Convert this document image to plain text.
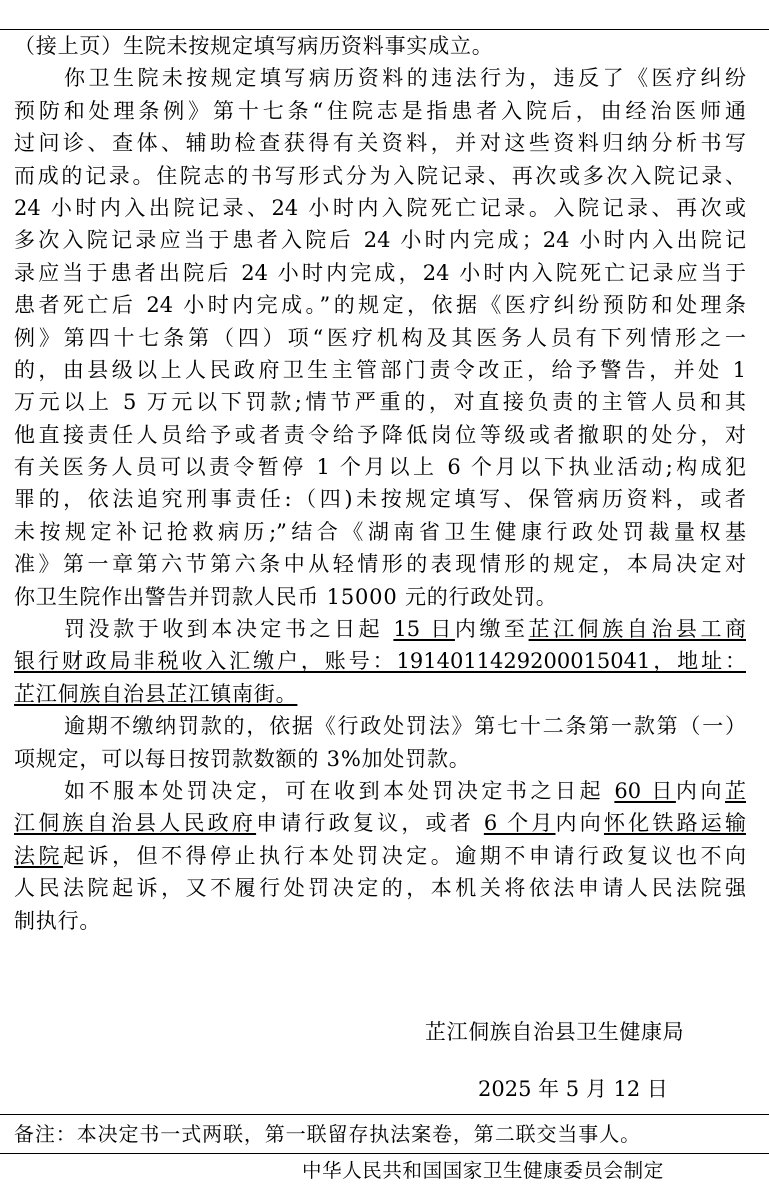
（接上页）生院未按规定填写病历资料事实成立。
你卫生院未按规定填写病历资料的违法行为，违反了《医疗纠纷
预防和处理条例》第十七条“住院志是指患者入院后，由经治医师通
过问诊、查体、辅助检查获得有关资料，并对这些资料归纳分析书写
而成的记录。住院志的书写形式分为入院记录、再次或多次入院记录、
24 小时内入出院记录、24 小时内入院死亡记录。入院记录、再次或
多次入院记录应当于患者入院后 24 小时内完成；24 小时内入出院记
录应当于患者出院后 24 小时内完成，24 小时内入院死亡记录应当于
患者死亡后 24 小时内完成。”的规定，依据《医疗纠纷预防和处理条
例》第四十七条第（四）项“医疗机构及其医务人员有下列情形之一
的，由县级以上人民政府卫生主管部门责令改正，给予警告，并处 1
万元以上 5 万元以下罚款;情节严重的，对直接负责的主管人员和其
他直接责任人员给予或者责令给予降低岗位等级或者撤职的处分，对
有关医务人员可以责令暂停 1 个月以上 6 个月以下执业活动;构成犯
罪的，依法追究刑事责任:（四)未按规定填写、保管病历资料，或者
未按规定补记抢救病历;”结合《湖南省卫生健康行政处罚裁量权基
准》第一章第六节第六条中从轻情形的表现情形的规定，本局决定对
你卫生院作出警告并罚款人民币 15000 元的行政处罚。
罚没款于收到本决定书之日起 15 日内缴至芷江侗族自治县工商
银行财政局非税收入汇缴户，账号：1914011429200015041，地址：
芷江侗族自治县芷江镇南街。
逾期不缴纳罚款的，依据《行政处罚法》第七十二条第一款第（一）
项规定，可以每日按罚款数额的 3%加处罚款。
如不服本处罚决定，可在收到本处罚决定书之日起 60 日内向芷
江侗族自治县人民政府申请行政复议，或者 6 个月内向怀化铁路运输
法院起诉，但不得停止执行本处罚决定。逾期不申请行政复议也不向
人民法院起诉，又不履行处罚决定的，本机关将依法申请人民法院强
制执行。
芷江侗族自治县卫生健康局
2025 年 5 月 12 日
备注：本决定书一式两联，第一联留存执法案卷，第二联交当事人。
中华人民共和国国家卫生健康委员会制定
